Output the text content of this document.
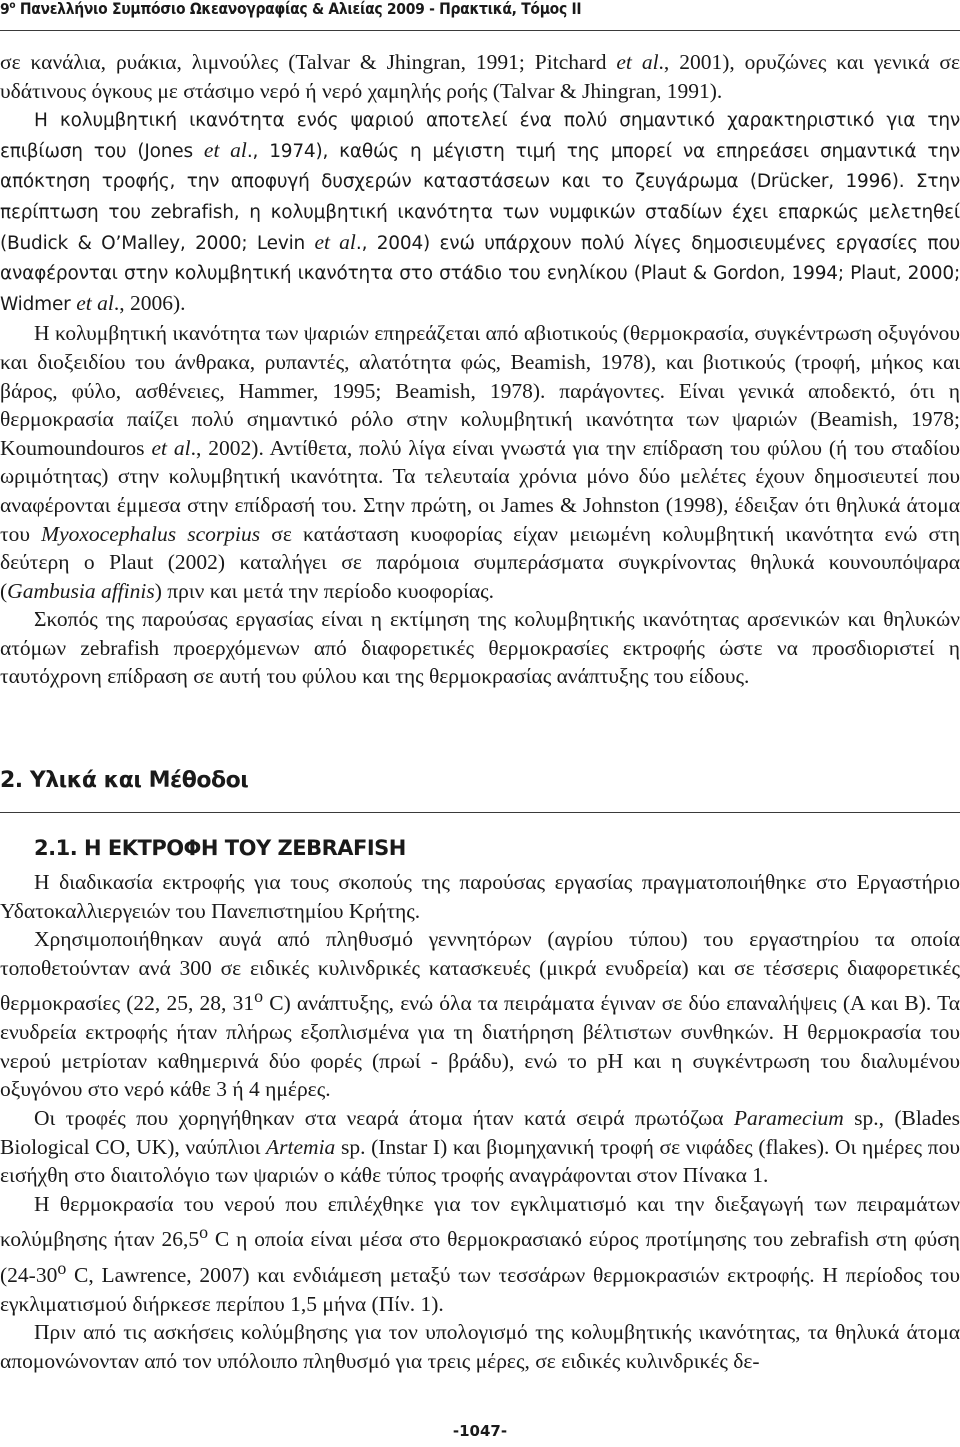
$9^o$ Πανελλήνιο Συμπόσιο Ωκεανογραφίας & Αλιείας 2009 - Πρακτικά, Τόμος ΙΙ

σε κανάλια, ρυάκια, λιμνούλες (Talvar & Jhingran, 1991; Pitchard et al., 2001), ορυζώνες και γενικά σε υδάτινους όγκους με στάσιμο νερό ή νερό χαμηλής ροής (Talvar & Jhingran, 1991).

Η κολυμβητική ικανότητα ενός ψαριού αποτελεί ένα πολύ σημαντικό χαρακτηριστικό για την επιβίωση του (Jones et al., 1974), καθώς η μέγιστη τιμή της μπορεί να επηρεάσει σημαντικά την απόκτηση τροφής, την αποφυγή δυσχερών καταστάσεων και το ζευγάρωμα (Drücker, 1996). Στην περίπτωση του zebrafish, η κολυμβητική ικανότητα των νυμφικών σταδίων έχει επαρκώς μελετηθεί (Budick & O’Malley, 2000; Levin et al., 2004) ενώ υπάρχουν πολύ λίγες δημοσιευμένες εργασίες που αναφέρονται στην κολυμβητική ικανότητα στο στάδιο του ενηλίκου (Plaut & Gordon, 1994; Plaut, 2000; Widmer et al., 2006).

Η κολυμβητική ικανότητα των ψαριών επηρεάζεται από αβιοτικούς (θερμοκρασία, συγκέντρωση οξυγόνου και διοξειδίου του άνθρακα, ρυπαντές, αλατότητα φώς, Beamish, 1978), και βιοτικούς (τροφή, μήκος και βάρος, φύλο, ασθένειες, Hammer, 1995; Beamish, 1978). παράγοντες. Είναι γενικά αποδεκτό, ότι η θερμοκρασία παίζει πολύ σημαντικό ρόλο στην κολυμβητική ικανότητα των ψαριών (Beamish, 1978; Koumoundouros et al., 2002). Αντίθετα, πολύ λίγα είναι γνωστά για την επίδραση του φύλου (ή του σταδίου ωριμότητας) στην κολυμβητική ικανότητα. Τα τελευταία χρόνια μόνο δύο μελέτες έχουν δημοσιευτεί που αναφέρονται έμμεσα στην επίδρασή του. Στην πρώτη, οι James & Johnston (1998), έδειξαν ότι θηλυκά άτομα του Myoxocephalus scorpius σε κατάσταση κυοφορίας είχαν μειωμένη κολυμβητική ικανότητα ενώ στη δεύτερη ο Plaut (2002) καταλήγει σε παρόμοια συμπεράσματα συγκρίνοντας θηλυκά κουνουπόψαρα (Gambusia affinis) πριν και μετά την περίοδο κυοφορίας.

Σκοπός της παρούσας εργασίας είναι η εκτίμηση της κολυμβητικής ικανότητας αρσενικών και θηλυκών ατόμων zebrafish προερχόμενων από διαφορετικές θερμοκρασίες εκτροφής ώστε να προσδιοριστεί η ταυτόχρονη επίδραση σε αυτή του φύλου και της θερμοκρασίας ανάπτυξης του είδους.

2. Υλικά και Μέθοδοι
2.1. Η ΕΚΤΡΟΦΗ ΤΟΥ ZEBRAFISH

Η διαδικασία εκτροφής για τους σκοπούς της παρούσας εργασίας πραγματοποιήθηκε στο Εργαστήριο Υδατοκαλλιεργειών του Πανεπιστημίου Κρήτης.

Χρησιμοποιήθηκαν αυγά από πληθυσμό γεννητόρων (αγρίου τύπου) του εργαστηρίου τα οποία τοποθετούνταν ανά 300 σε ειδικές κυλινδρικές κατασκευές (μικρά ενυδρεία) και σε τέσσερις διαφορετικές θερμοκρασίες (22, 25, 28, $31^o$ C) ανάπτυξης, ενώ όλα τα πειράματα έγιναν σε δύο επαναλήψεις (Α και Β). Τα ενυδρεία εκτροφής ήταν πλήρως εξοπλισμένα για τη διατήρηση βέλτιστων συνθηκών. Η θερμοκρασία του νερού μετρίοταν καθημερινά δύο φορές (πρωί - βράδυ), ενώ το pH και η συγκέντρωση του διαλυμένου οξυγόνου στο νερό κάθε 3 ή 4 ημέρες.

Οι τροφές που χορηγήθηκαν στα νεαρά άτομα ήταν κατά σειρά πρωτόζωα Paramecium sp., (Blades Biological CO, UK), ναύπλιοι Artemia sp. (Instar I) και βιομηχανική τροφή σε νιφάδες (flakes). Οι ημέρες που εισήχθη στο διαιτολόγιο των ψαριών ο κάθε τύπος τροφής αναγράφονται στον Πίνακα 1.

Η θερμοκρασία του νερού που επιλέχθηκε για τον εγκλιματισμό και την διεξαγωγή των πειραμάτων κολύμβησης ήταν $26,5^o$ C η οποία είναι μέσα στο θερμοκρασιακό εύρος προτίμησης του zebrafish στη φύση ($24-30^o$ C, Lawrence, 2007) και ενδιάμεση μεταξύ των τεσσάρων θερμοκρασιών εκτροφής. Η περίοδος του εγκλιματισμού διήρκεσε περίπου 1,5 μήνα (Πίν. 1).

Πριν από τις ασκήσεις κολύμβησης για τον υπολογισμό της κολυμβητικής ικανότητας, τα θηλυκά άτομα απομονώνονταν από τον υπόλοιπο πληθυσμό για τρεις μέρες, σε ειδικές κυλινδρικές δε-

-1047-
